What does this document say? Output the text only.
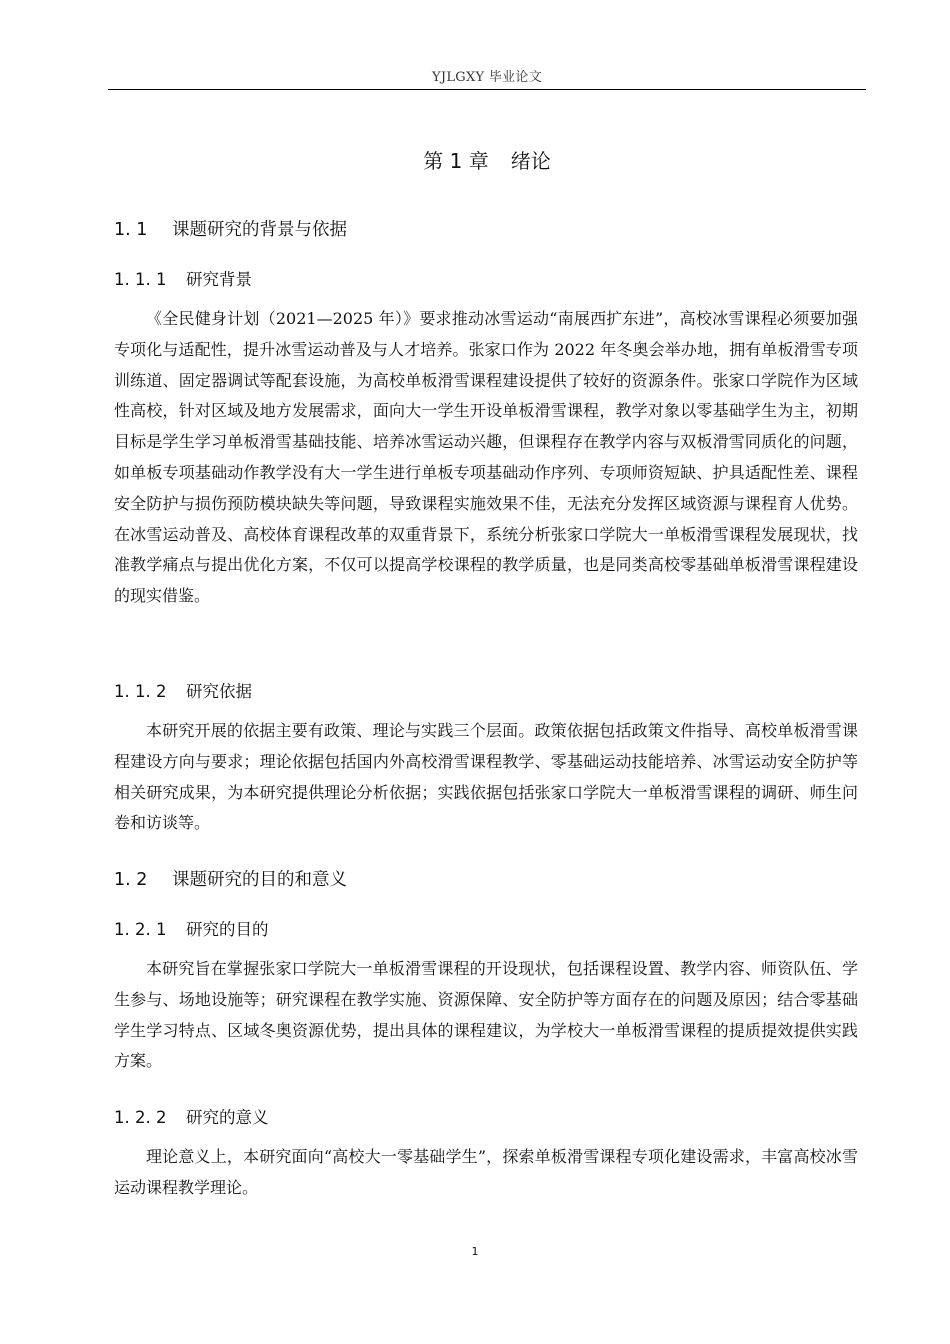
YJLGXY 毕业论文
第 1 章 绪论
1. 1 课题研究的背景与依据
1. 1. 1 研究背景

《全民健身计划（2021—2025 年）》要求推动冰雪运动“南展西扩东进”，高校冰雪课程必须要加强专项化与适配性，提升冰雪运动普及与人才培养。张家口作为 2022 年冬奥会举办地，拥有单板滑雪专项训练道、固定器调试等配套设施，为高校单板滑雪课程建设提供了较好的资源条件。张家口学院作为区域性高校，针对区域及地方发展需求，面向大一学生开设单板滑雪课程，教学对象以零基础学生为主，初期目标是学生学习单板滑雪基础技能、培养冰雪运动兴趣，但课程存在教学内容与双板滑雪同质化的问题，如单板专项基础动作教学没有大一学生进行单板专项基础动作序列、专项师资短缺、护具适配性差、课程安全防护与损伤预防模块缺失等问题，导致课程实施效果不佳，无法充分发挥区域资源与课程育人优势。在冰雪运动普及、高校体育课程改革的双重背景下，系统分析张家口学院大一单板滑雪课程发展现状，找准教学痛点与提出优化方案，不仅可以提高学校课程的教学质量，也是同类高校零基础单板滑雪课程建设的现实借鉴。

1. 1. 2 研究依据

本研究开展的依据主要有政策、理论与实践三个层面。政策依据包括政策文件指导、高校单板滑雪课程建设方向与要求；理论依据包括国内外高校滑雪课程教学、零基础运动技能培养、冰雪运动安全防护等相关研究成果，为本研究提供理论分析依据；实践依据包括张家口学院大一单板滑雪课程的调研、师生问卷和访谈等。

1. 2 课题研究的目的和意义
1. 2. 1 研究的目的

本研究旨在掌握张家口学院大一单板滑雪课程的开设现状，包括课程设置、教学内容、师资队伍、学生参与、场地设施等；研究课程在教学实施、资源保障、安全防护等方面存在的问题及原因；结合零基础学生学习特点、区域冬奥资源优势，提出具体的课程建议，为学校大一单板滑雪课程的提质提效提供实践方案。

1. 2. 2 研究的意义

理论意义上，本研究面向“高校大一零基础学生”，探索单板滑雪课程专项化建设需求，丰富高校冰雪运动课程教学理论。

1
